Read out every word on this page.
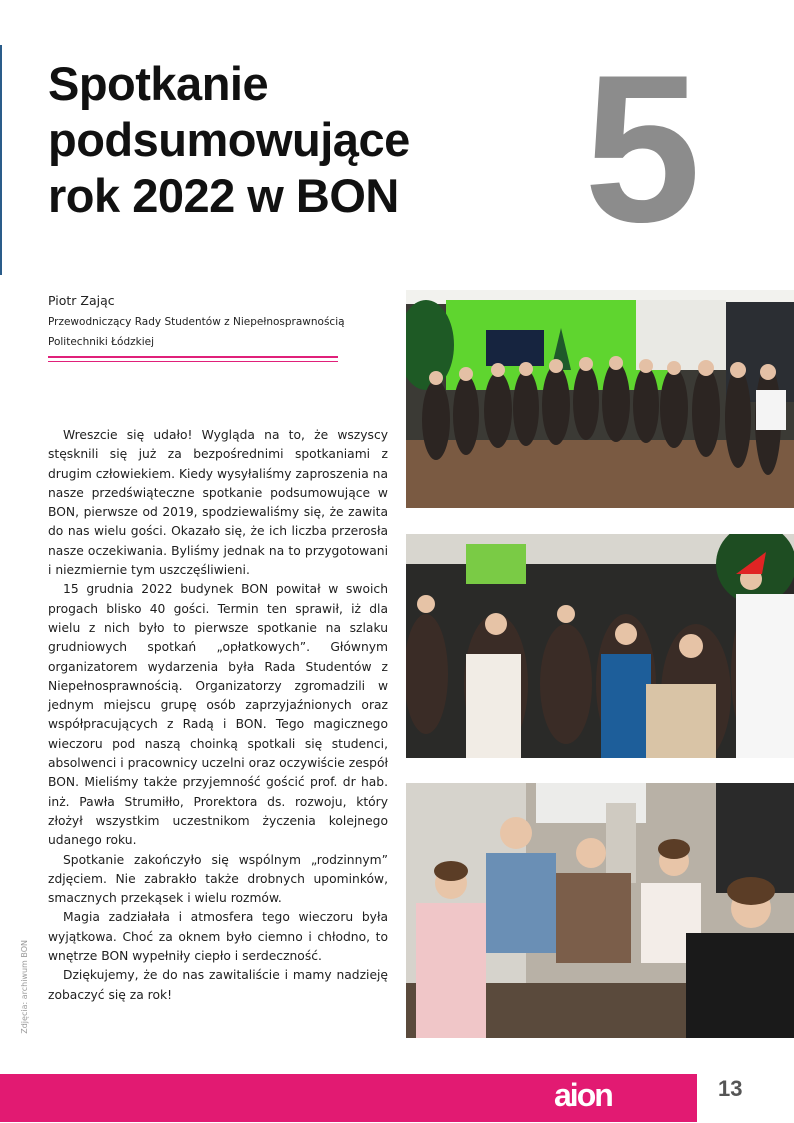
Spotkanie
podsumowujące
rok 2022 w BON 5
Piotr Zając
Przewodniczący Rady Studentów z Niepełnosprawnością
Politechniki Łódzkiej

Wreszcie się udało! Wygląda na to, że wszyscy stęsknili się już za bezpośrednimi spotkaniami z drugim człowiekiem. Kiedy wysyłaliśmy zaproszenia na nasze przedświąteczne spotkanie podsumowujące w BON, pierwsze od 2019, spodziewaliśmy się, że zawita do nas wielu gości. Okazało się, że ich liczba przerosła nasze oczekiwania. Byliśmy jednak na to przygotowani i niezmiernie tym uszczęśliwieni.

15 grudnia 2022 budynek BON powitał w swoich progach blisko 40 gości. Termin ten sprawił, iż dla wielu z nich było to pierwsze spotkanie na szlaku grudniowych spotkań „opłatkowych”. Głównym organizatorem wydarzenia była Rada Studentów z Niepełnosprawnością. Organizatorzy zgromadzili w jednym miejscu grupę osób zaprzyjaźnionych oraz współpracujących z Radą i BON. Tego magicznego wieczoru pod naszą choinką spotkali się studenci, absolwenci i pracownicy uczelni oraz oczywiście zespół BON. Mieliśmy także przyjemność gościć prof. dr hab. inż. Pawła Strumiłło, Prorektora ds. rozwoju, który złożył wszystkim uczestnikom życzenia kolejnego udanego roku.

Spotkanie zakończyło się wspólnym „rodzinnym” zdjęciem. Nie zabrakło także drobnych upominków, smacznych przekąsek i wielu rozmów.

Magia zadziałała i atmosfera tego wieczoru była wyjątkowa. Choć za oknem było ciemno i chłodno, to wnętrze BON wypełniły ciepło i serdeczność.

Dziękujemy, że do nas zawitaliście i mamy nadzieję zobaczyć się za rok!

Zdjęcia: archiwum BON
aion	13
